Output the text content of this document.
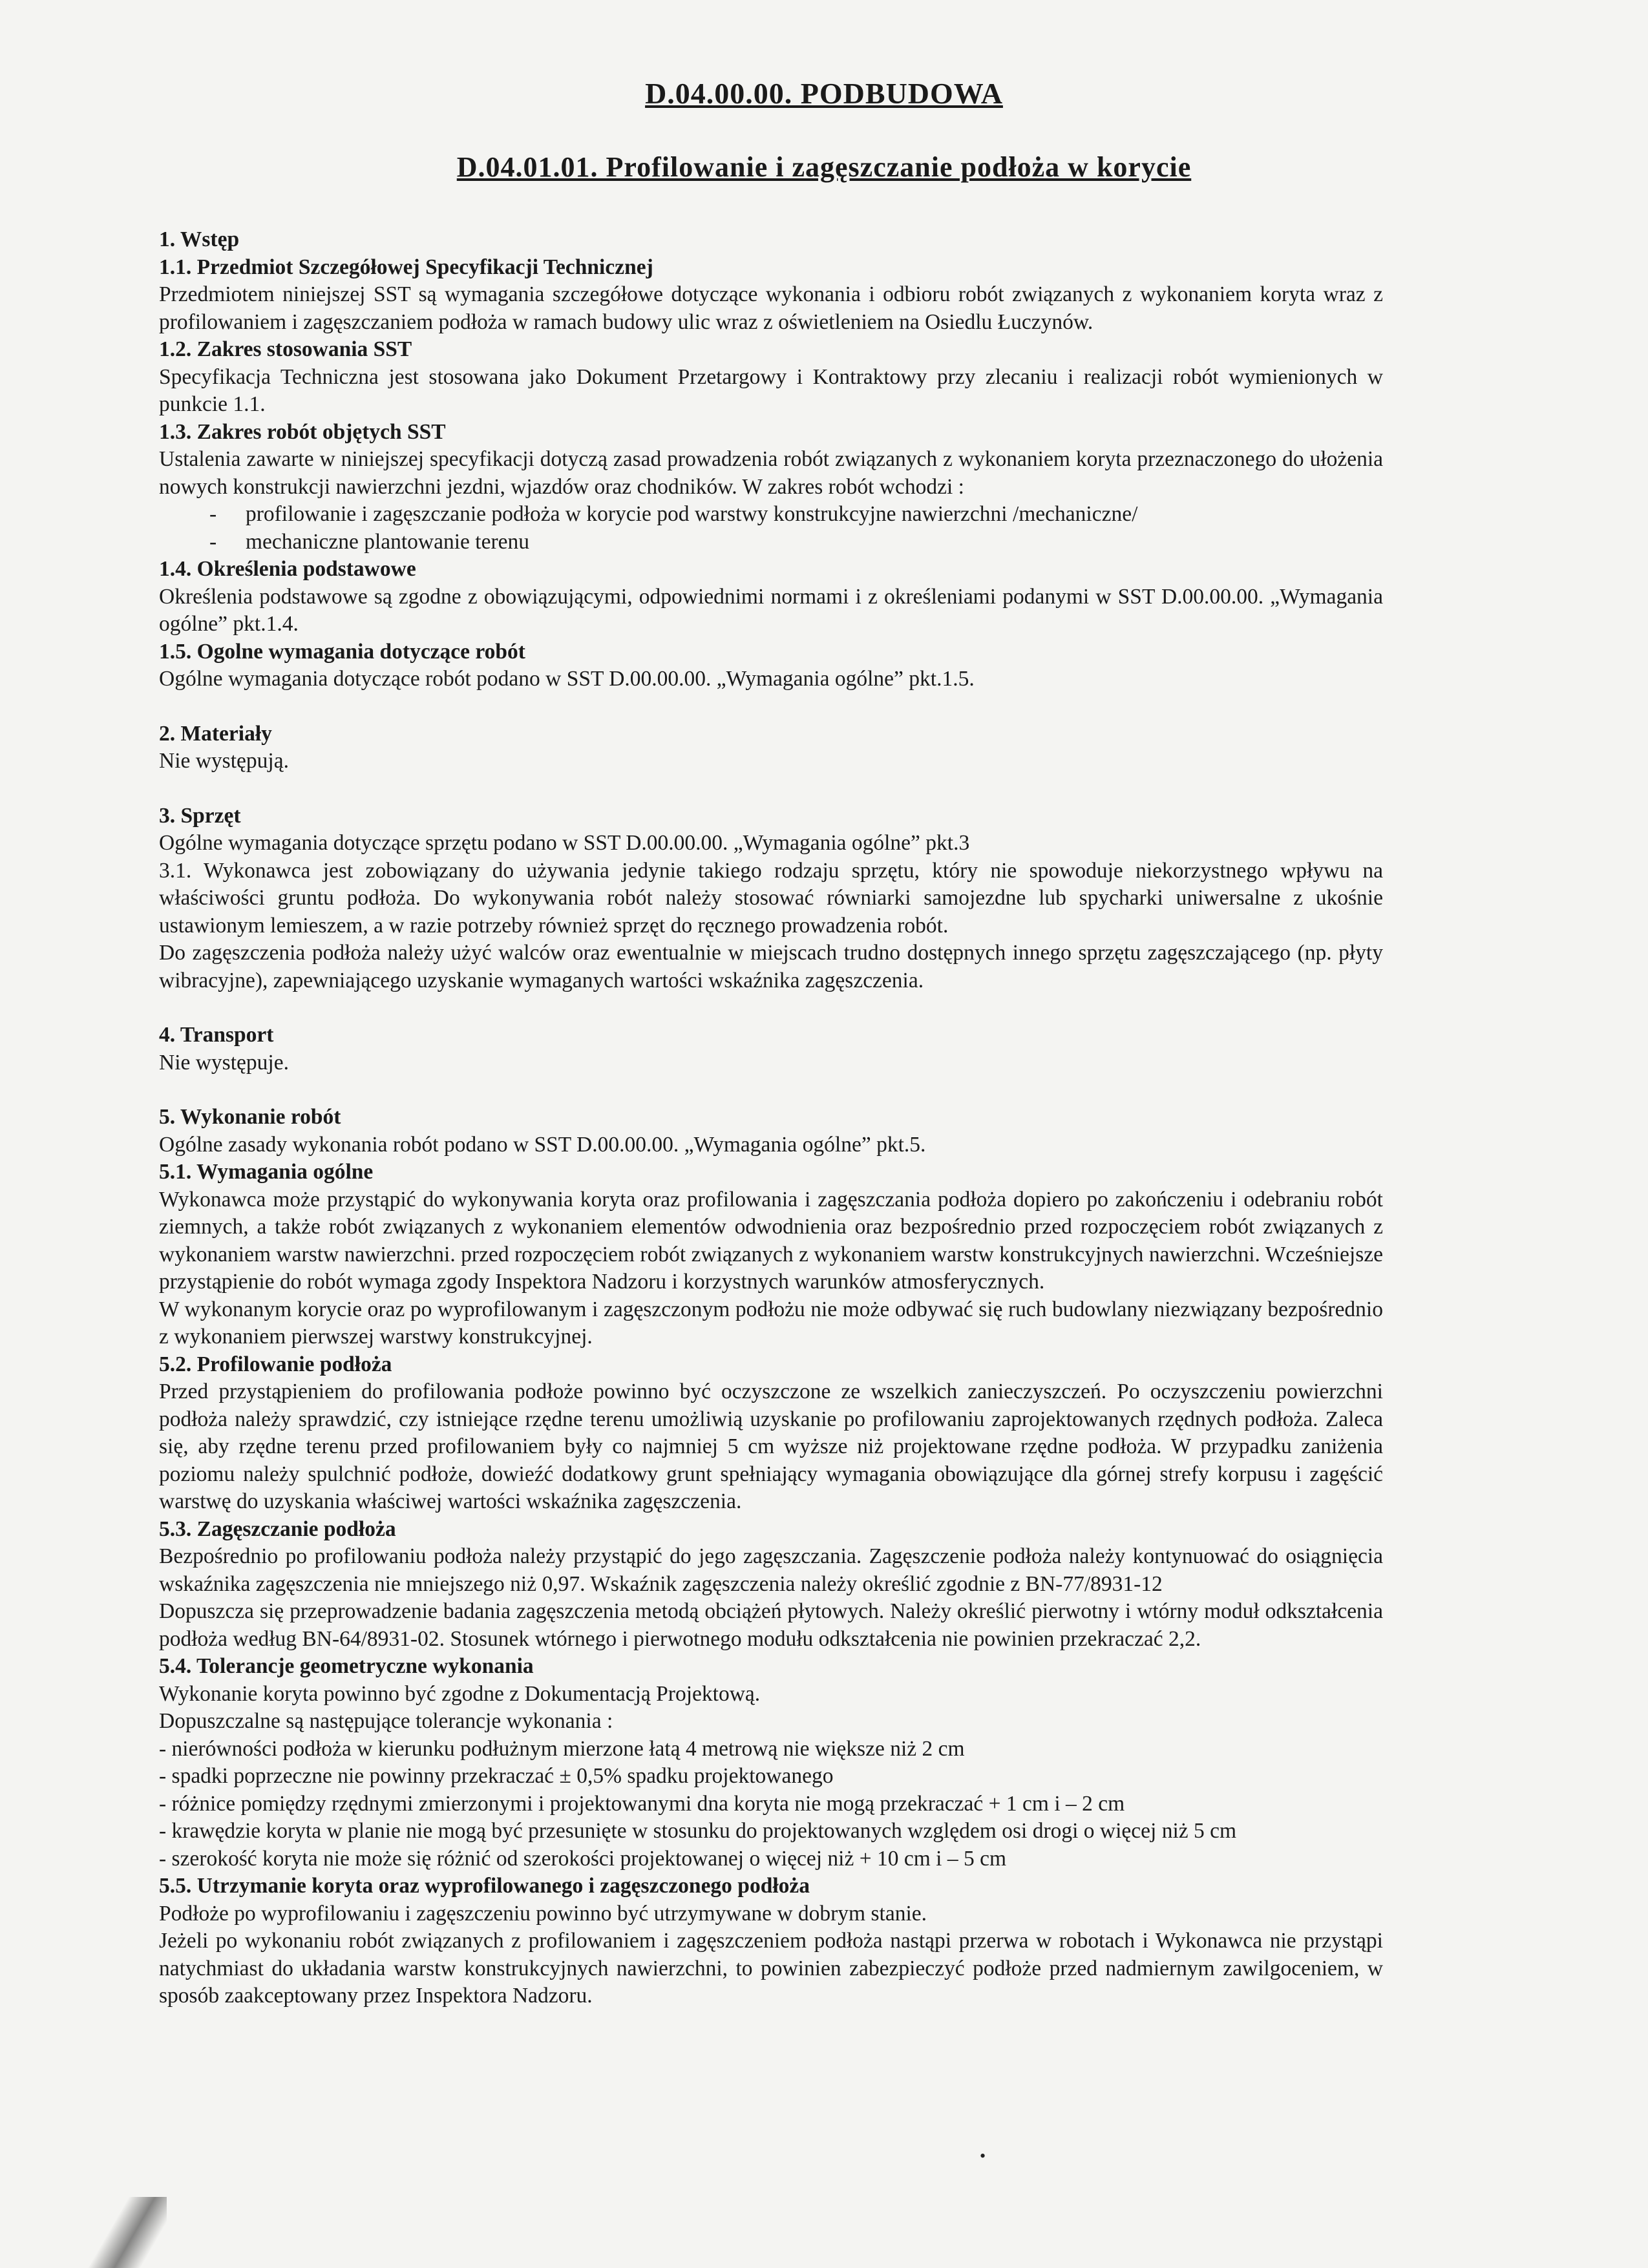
D.04.00.00. PODBUDOWA
D.04.01.01. Profilowanie i zagęszczanie podłoża w korycie

1. Wstęp

1.1. Przedmiot Szczegółowej Specyfikacji Technicznej

Przedmiotem niniejszej SST są wymagania szczegółowe dotyczące wykonania i odbioru robót związanych z wykonaniem koryta wraz z profilowaniem i zagęszczaniem podłoża w ramach budowy ulic wraz z oświetleniem na Osiedlu Łuczynów.

1.2. Zakres stosowania SST

Specyfikacja Techniczna jest stosowana jako Dokument Przetargowy i Kontraktowy przy zlecaniu i realizacji robót wymienionych w punkcie 1.1.

1.3. Zakres robót objętych SST

Ustalenia zawarte w niniejszej specyfikacji dotyczą zasad prowadzenia robót związanych z wykonaniem koryta przeznaczonego do ułożenia nowych konstrukcji nawierzchni jezdni, wjazdów oraz chodników. W zakres robót wchodzi :

-	profilowanie i zagęszczanie podłoża w korycie pod warstwy konstrukcyjne nawierzchni /mechaniczne/
-	mechaniczne plantowanie terenu

1.4. Określenia podstawowe

Określenia podstawowe są zgodne z obowiązującymi, odpowiednimi normami i z określeniami podanymi w SST D.00.00.00. „Wymagania ogólne” pkt.1.4.

1.5. Ogolne wymagania dotyczące robót

Ogólne wymagania dotyczące robót podano w SST D.00.00.00. „Wymagania ogólne” pkt.1.5.

2. Materiały

Nie występują.

3. Sprzęt

Ogólne wymagania dotyczące sprzętu podano w SST D.00.00.00. „Wymagania ogólne” pkt.3

3.1. Wykonawca jest zobowiązany do używania jedynie takiego rodzaju sprzętu, który nie spowoduje niekorzystnego wpływu na właściwości gruntu podłoża. Do wykonywania robót należy stosować równiarki samojezdne lub spycharki uniwersalne z ukośnie ustawionym lemieszem, a w razie potrzeby również sprzęt do ręcznego prowadzenia robót.

Do zagęszczenia podłoża należy użyć walców oraz ewentualnie w miejscach trudno dostępnych innego sprzętu zagęszczającego (np. płyty wibracyjne), zapewniającego uzyskanie wymaganych wartości wskaźnika zagęszczenia.

4. Transport

Nie występuje.

5. Wykonanie robót

Ogólne zasady wykonania robót podano w SST D.00.00.00. „Wymagania ogólne” pkt.5.

5.1. Wymagania ogólne

Wykonawca może przystąpić do wykonywania koryta oraz profilowania i zagęszczania podłoża dopiero po zakończeniu i odebraniu robót ziemnych, a także robót związanych z wykonaniem elementów odwodnienia oraz bezpośrednio przed rozpoczęciem robót związanych z wykonaniem warstw nawierzchni. przed rozpoczęciem robót związanych z wykonaniem warstw konstrukcyjnych nawierzchni. Wcześniejsze przystąpienie do robót wymaga zgody Inspektora Nadzoru i korzystnych warunków atmosferycznych.

W wykonanym korycie oraz po wyprofilowanym i zagęszczonym podłożu nie może odbywać się ruch budowlany niezwiązany bezpośrednio z wykonaniem pierwszej warstwy konstrukcyjnej.

5.2. Profilowanie podłoża

Przed przystąpieniem do profilowania podłoże powinno być oczyszczone ze wszelkich zanieczyszczeń. Po oczyszczeniu powierzchni podłoża należy sprawdzić, czy istniejące rzędne terenu umożliwią uzyskanie po profilowaniu zaprojektowanych rzędnych podłoża. Zaleca się, aby rzędne terenu przed profilowaniem były co najmniej 5 cm wyższe niż projektowane rzędne podłoża. W przypadku zaniżenia poziomu należy spulchnić podłoże, dowieźć dodatkowy grunt spełniający wymagania obowiązujące dla górnej strefy korpusu i zagęścić warstwę do uzyskania właściwej wartości wskaźnika zagęszczenia.

5.3. Zagęszczanie podłoża

Bezpośrednio po profilowaniu podłoża należy przystąpić do jego zagęszczania. Zagęszczenie podłoża należy kontynuować do osiągnięcia wskaźnika zagęszczenia nie mniejszego niż 0,97. Wskaźnik zagęszczenia należy określić zgodnie z BN-77/8931-12

Dopuszcza się przeprowadzenie badania zagęszczenia metodą obciążeń płytowych. Należy określić pierwotny i wtórny moduł odkształcenia podłoża według BN-64/8931-02. Stosunek wtórnego i pierwotnego modułu odkształcenia nie powinien przekraczać 2,2.

5.4. Tolerancje geometryczne wykonania

Wykonanie koryta powinno być zgodne z Dokumentacją Projektową.

Dopuszczalne są następujące tolerancje wykonania :

- nierówności podłoża w kierunku podłużnym mierzone łatą 4 metrową nie większe niż 2 cm

- spadki poprzeczne nie powinny przekraczać ± 0,5% spadku projektowanego

- różnice pomiędzy rzędnymi zmierzonymi i projektowanymi dna koryta nie mogą przekraczać + 1 cm i – 2 cm

- krawędzie koryta w planie nie mogą być przesunięte w stosunku do projektowanych względem osi drogi o więcej niż 5 cm

- szerokość koryta nie może się różnić od szerokości projektowanej o więcej niż + 10 cm i – 5 cm

5.5. Utrzymanie koryta oraz wyprofilowanego i zagęszczonego podłoża

Podłoże po wyprofilowaniu i zagęszczeniu powinno być utrzymywane w dobrym stanie.

Jeżeli po wykonaniu robót związanych z profilowaniem i zagęszczeniem podłoża nastąpi przerwa w robotach i Wykonawca nie przystąpi natychmiast do układania warstw konstrukcyjnych nawierzchni, to powinien zabezpieczyć podłoże przed nadmiernym zawilgoceniem, w sposób zaakceptowany przez Inspektora Nadzoru.

•
